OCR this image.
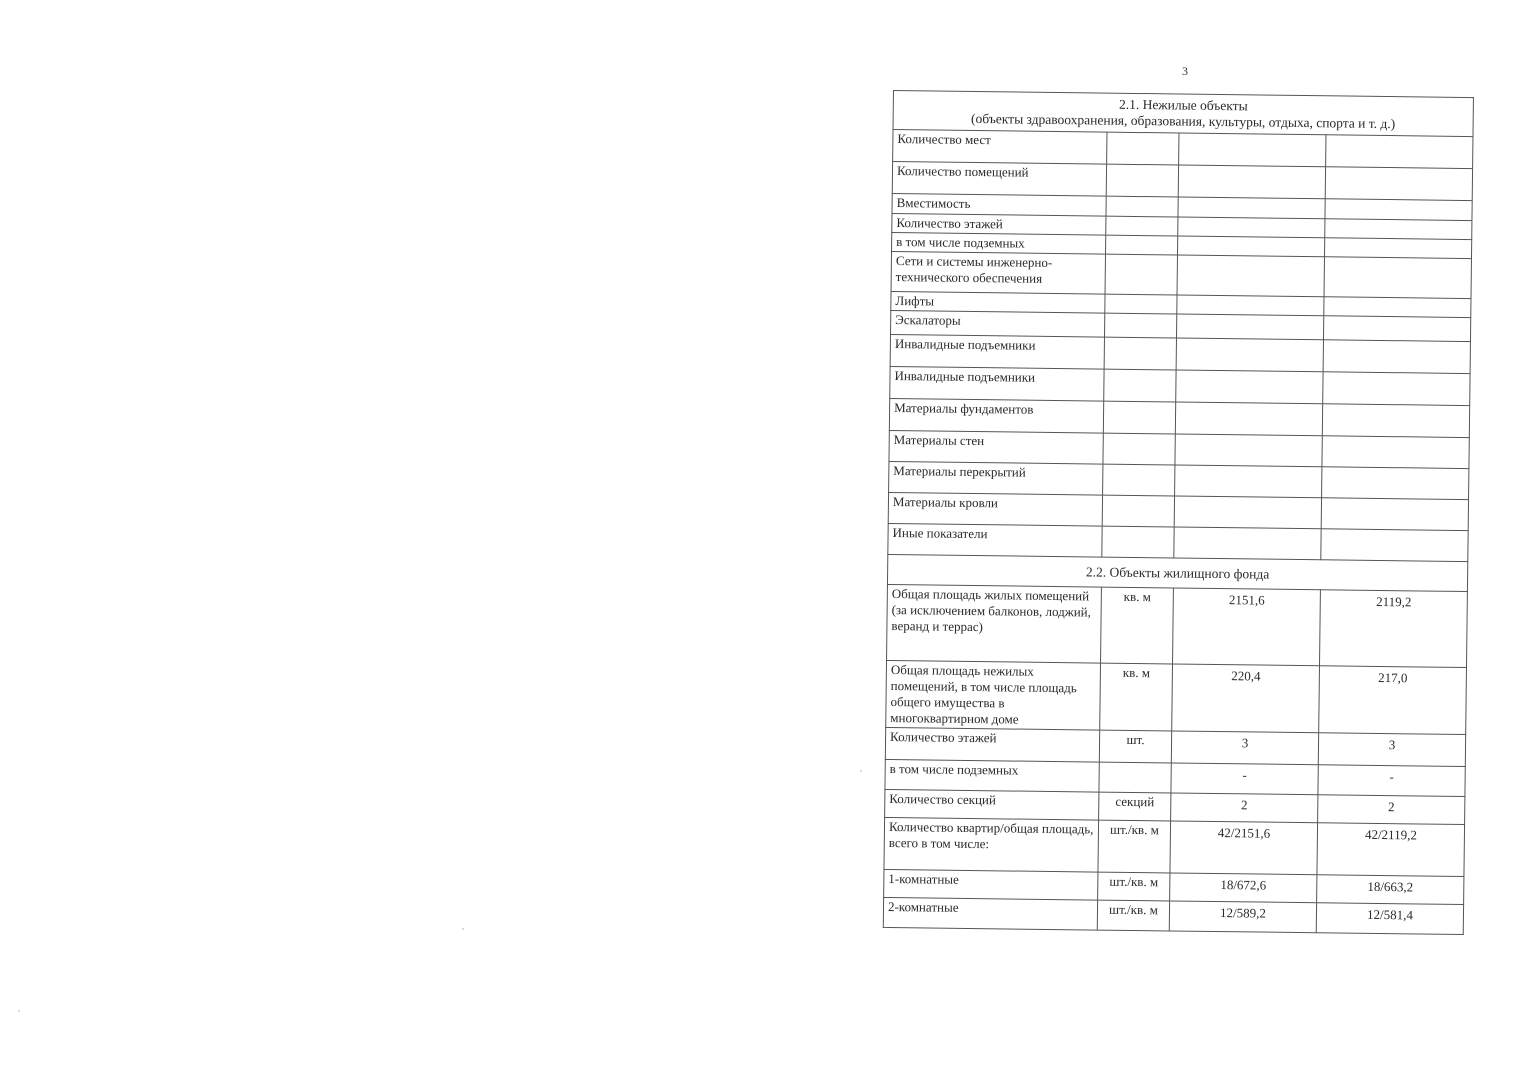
3
2.1. Нежилые объекты
(объекты здравоохранения, образования, культуры, отдыха, спорта и т. д.)			

Количество мест			
Количество помещений			
Вместимость			
Количество этажей			
в том числе подземных			
Сети и системы инженерно-технического обеспечения			
Лифты			
Эскалаторы			
Инвалидные подъемники			
Инвалидные подъемники			
Материалы фундаментов			
Материалы стен			
Материалы перекрытий			
Материалы кровли			
Иные показатели			
2.2. Объекты жилищного фонда			
Общая площадь жилых помещений (за исключением балконов, лоджий, веранд и террас)	кв. м	2151,6	2119,2
Общая площадь нежилых помещений, в том числе площадь общего имущества в многоквартирном доме	кв. м	220,4	217,0
Количество этажей	шт.	3	3
в том числе подземных		-	-
Количество секций	секций	2	2
Количество квартир/общая площадь, всего в том числе:	шт./кв. м	42/2151,6	42/2119,2
1-комнатные	шт./кв. м	18/672,6	18/663,2
2-комнатные	шт./кв. м	12/589,2	12/581,4
